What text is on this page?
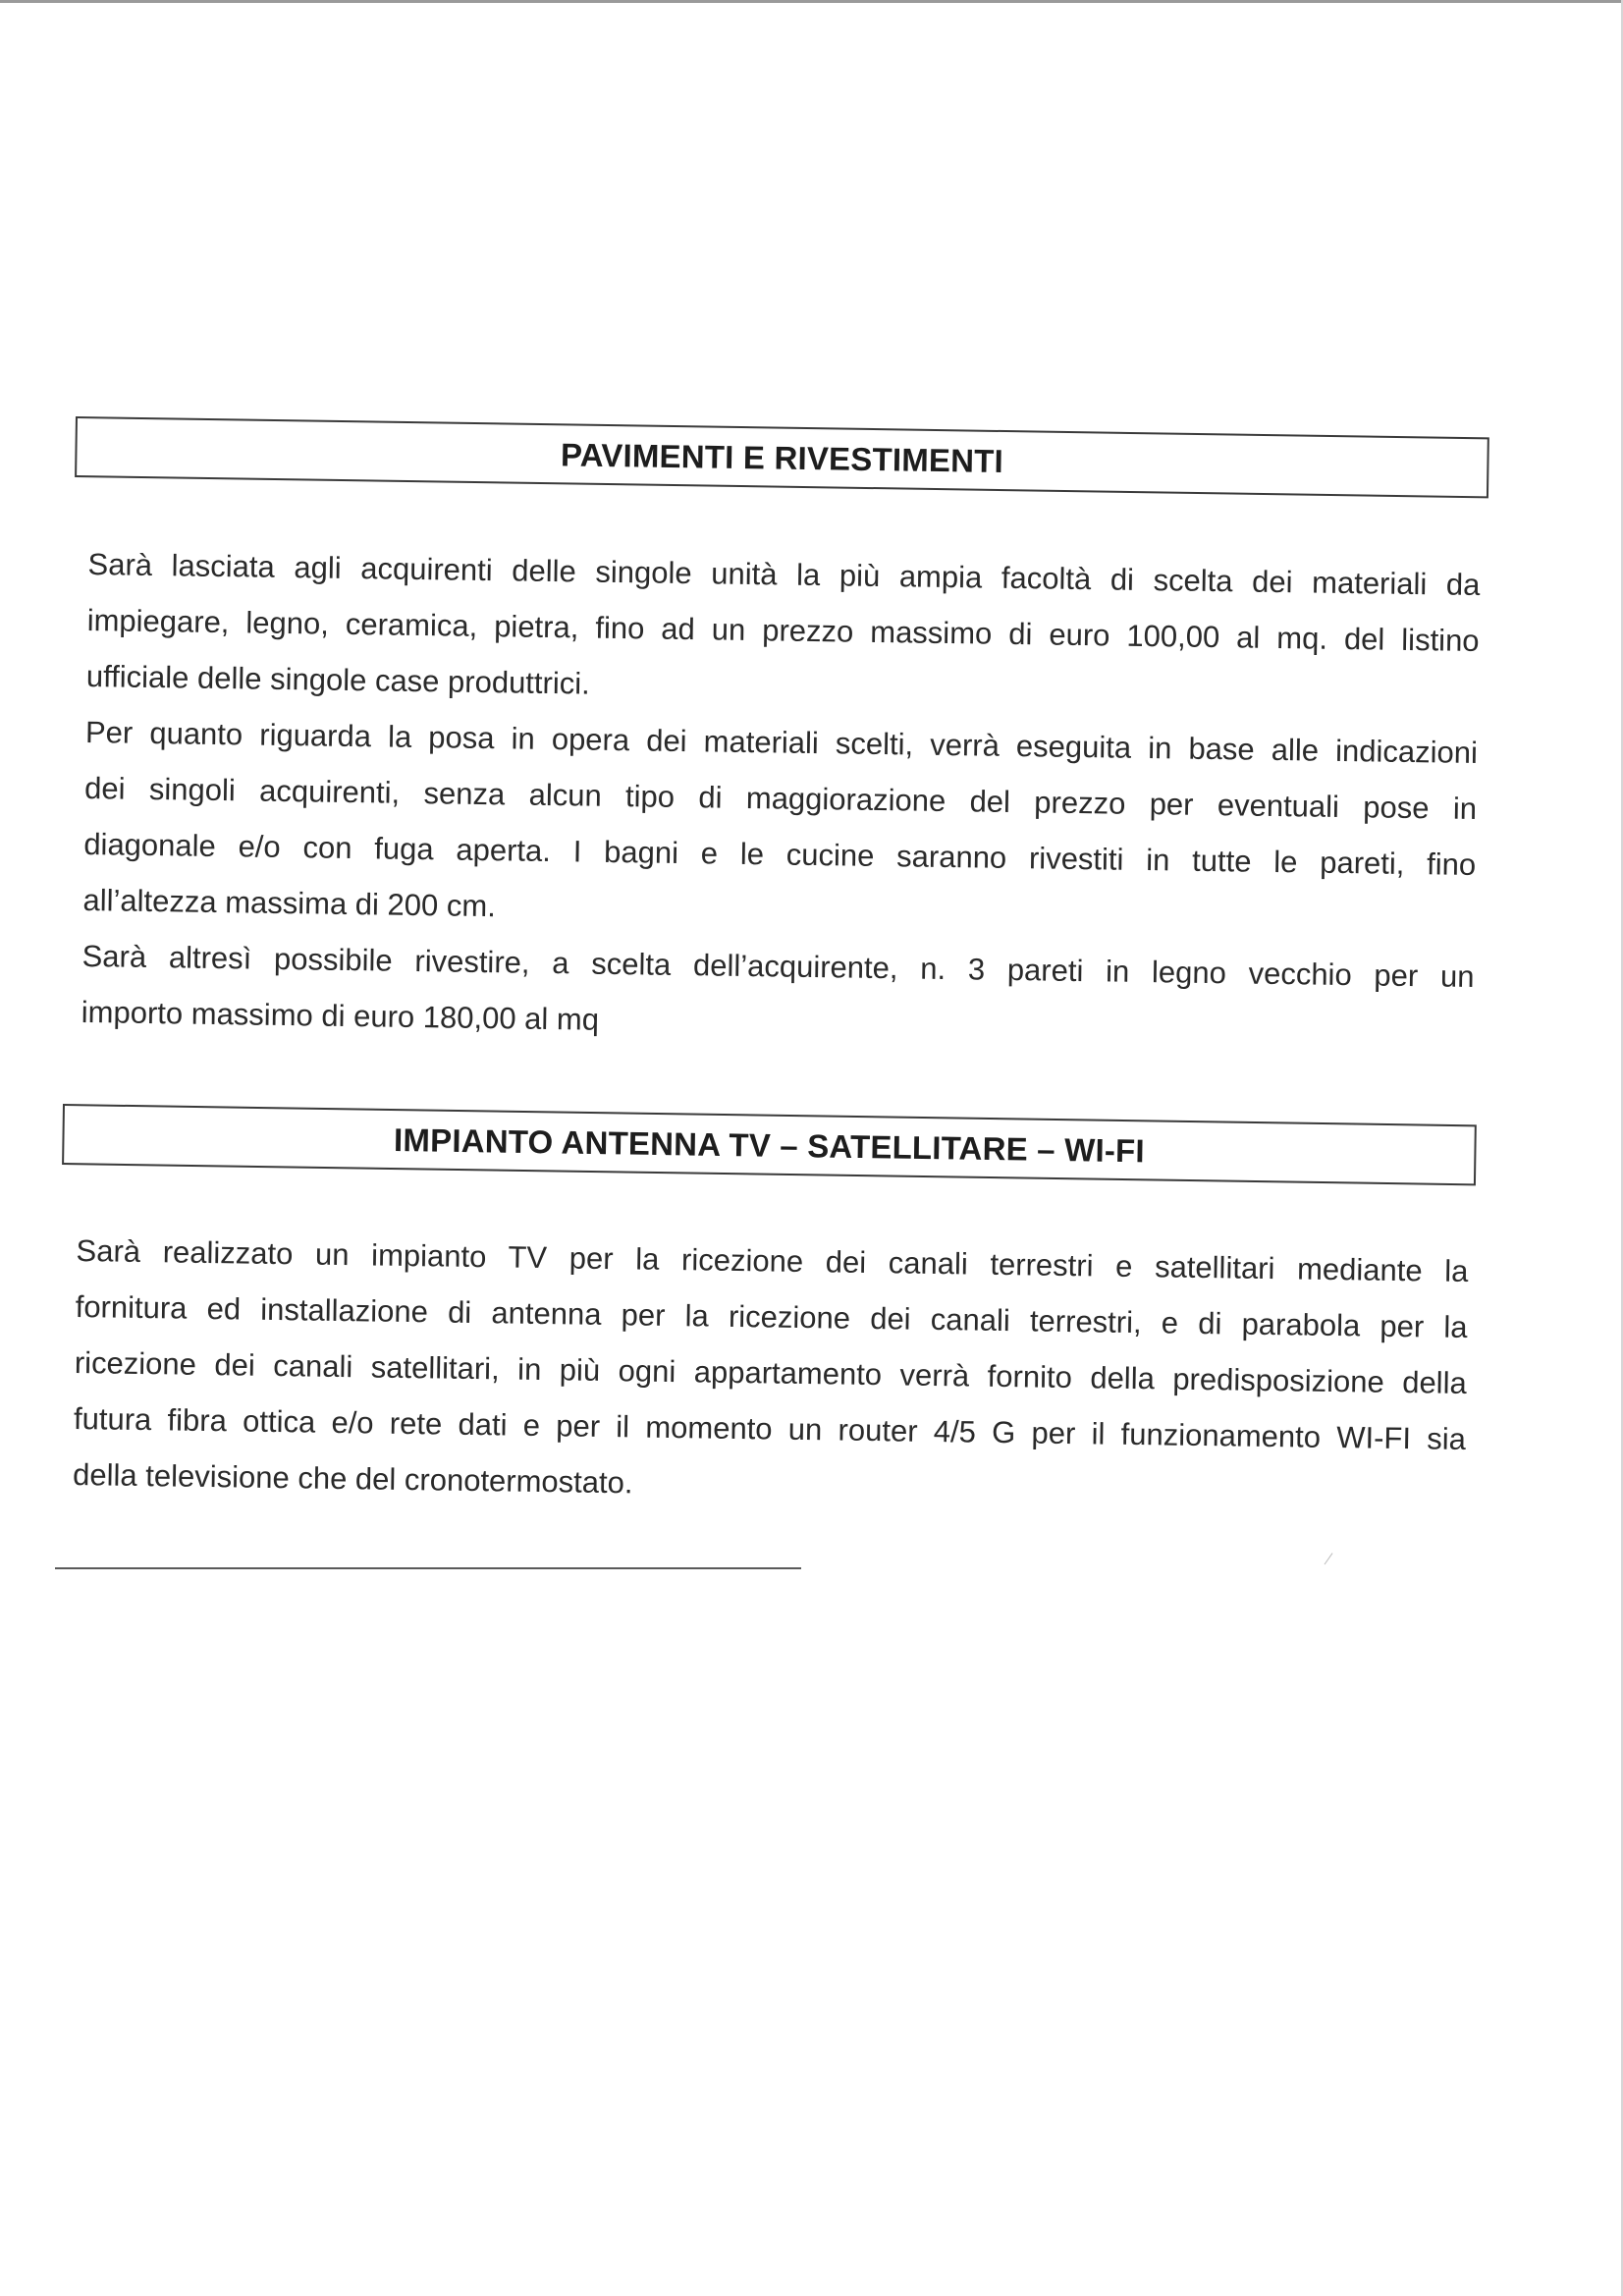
PAVIMENTI E RIVESTIMENTI
Sarà lasciata agli acquirenti delle singole unità la più ampia facoltà di scelta dei materiali da
impiegare, legno, ceramica, pietra, fino ad un prezzo massimo di euro 100,00 al mq. del listino
ufficiale delle singole case produttrici.
Per quanto riguarda la posa in opera dei materiali scelti, verrà eseguita in base alle indicazioni
dei singoli acquirenti, senza alcun tipo di maggiorazione del prezzo per eventuali pose in
diagonale e/o con fuga aperta. I bagni e le cucine saranno rivestiti in tutte le pareti, fino
all’altezza massima di 200 cm.
Sarà altresì possibile rivestire, a scelta dell’acquirente, n. 3 pareti in legno vecchio per un
importo massimo di euro 180,00 al mq
IMPIANTO ANTENNA TV – SATELLITARE – WI-FI
Sarà realizzato un impianto TV per la ricezione dei canali terrestri e satellitari mediante la
fornitura ed installazione di antenna per la ricezione dei canali terrestri, e di parabola per la
ricezione dei canali satellitari, in più ogni appartamento verrà fornito della predisposizione della
futura fibra ottica e/o rete dati e per il momento un router 4/5 G per il funzionamento WI-FI sia
della televisione che del cronotermostato.
